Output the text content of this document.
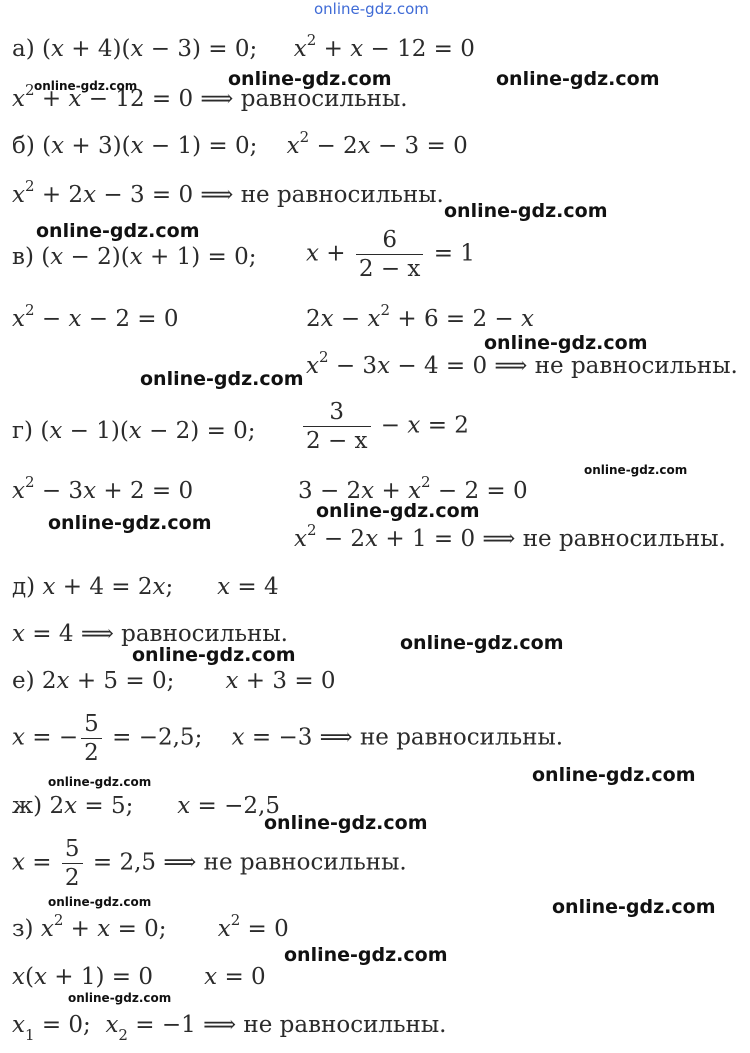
online-gdz.com
а) (x + 4)(x − 3) = 0;     $x^2 + x - 12 = 0$
$x^2 + x - 12 = 0$ ⟹ равносильны.
б) (x + 3)(x − 1) = 0;    $x^2 - 2x - 3 = 0$
$x^2 + 2x - 3 = 0$ ⟹ не равносильны.
в) (x − 2)(x + 1) = 0; $x + \frac{6}{2 - x} = 1$
$x^2 - x - 2 = 0$	$2x - x^2 + 6 = 2 - x$
$x^2 - 3x - 4 = 0$ ⟹ не равносильны.
г) (x − 1)(x − 2) = 0; $\frac{3}{2 - x} - x = 2$
$x^2 - 3x + 2 = 0$	$3 - 2x + x^2 - 2 = 0$
$x^2 - 2x + 1 = 0$ ⟹ не равносильны.
д) x + 4 = 2x;      x = 4
x = 4 ⟹ равносильны.
е) 2x + 5 = 0;       x + 3 = 0
x = − $\frac{5}{2} = -2,5$;    x = −3 ⟹ не равносильны.
ж) 2x = 5;      x = −2,5
$x = \frac{5}{2} = 2,5$ ⟹ не равносильны.
з) $x^2 + x = 0$;       $x^2 = 0$
x(x + 1) = 0       x = 0
$x_1 = 0$;  $x_2 = -1$ ⟹ не равносильны.
online-gdz.com	online-gdz.com	online-gdz.com
online-gdz.com
online-gdz.com
online-gdz.com
online-gdz.com
online-gdz.com
online-gdz.com
online-gdz.com
online-gdz.com
online-gdz.com
online-gdz.com
online-gdz.com
online-gdz.com
online-gdz.com	online-gdz.com
online-gdz.com
online-gdz.com
